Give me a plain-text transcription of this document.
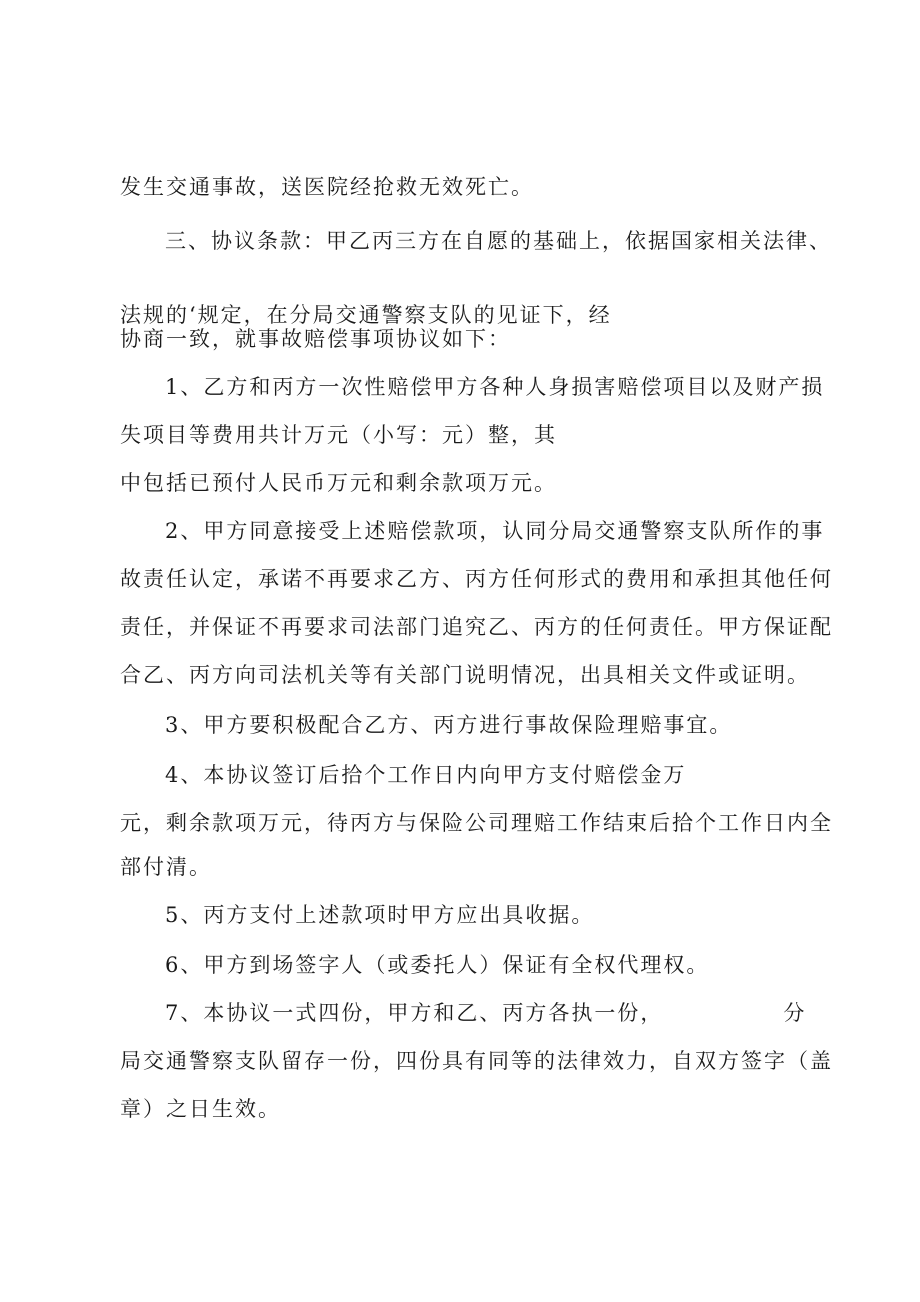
发生交通事故，送医院经抢救无效死亡。
三、协议条款：甲乙丙三方在自愿的基础上，依据国家相关法律、
法规的‘规定，在分局交通警察支队的见证下，经
协商一致，就事故赔偿事项协议如下：
1、乙方和丙方一次性赔偿甲方各种人身损害赔偿项目以及财产损
失项目等费用共计万元（小写：元）整，其
中包括已预付人民币万元和剩余款项万元。
2、甲方同意接受上述赔偿款项，认同分局交通警察支队所作的事
故责任认定，承诺不再要求乙方、丙方任何形式的费用和承担其他任何
责任，并保证不再要求司法部门追究乙、丙方的任何责任。甲方保证配
合乙、丙方向司法机关等有关部门说明情况，出具相关文件或证明。
3、甲方要积极配合乙方、丙方进行事故保险理赔事宜。
4、本协议签订后拾个工作日内向甲方支付赔偿金万
元，剩余款项万元，待丙方与保险公司理赔工作结束后拾个工作日内全
部付清。
5、丙方支付上述款项时甲方应出具收据。
6、甲方到场签字人（或委托人）保证有全权代理权。
7、本协议一式四份，甲方和乙、丙方各执一份，	分
局交通警察支队留存一份，四份具有同等的法律效力，自双方签字（盖
章）之日生效。
